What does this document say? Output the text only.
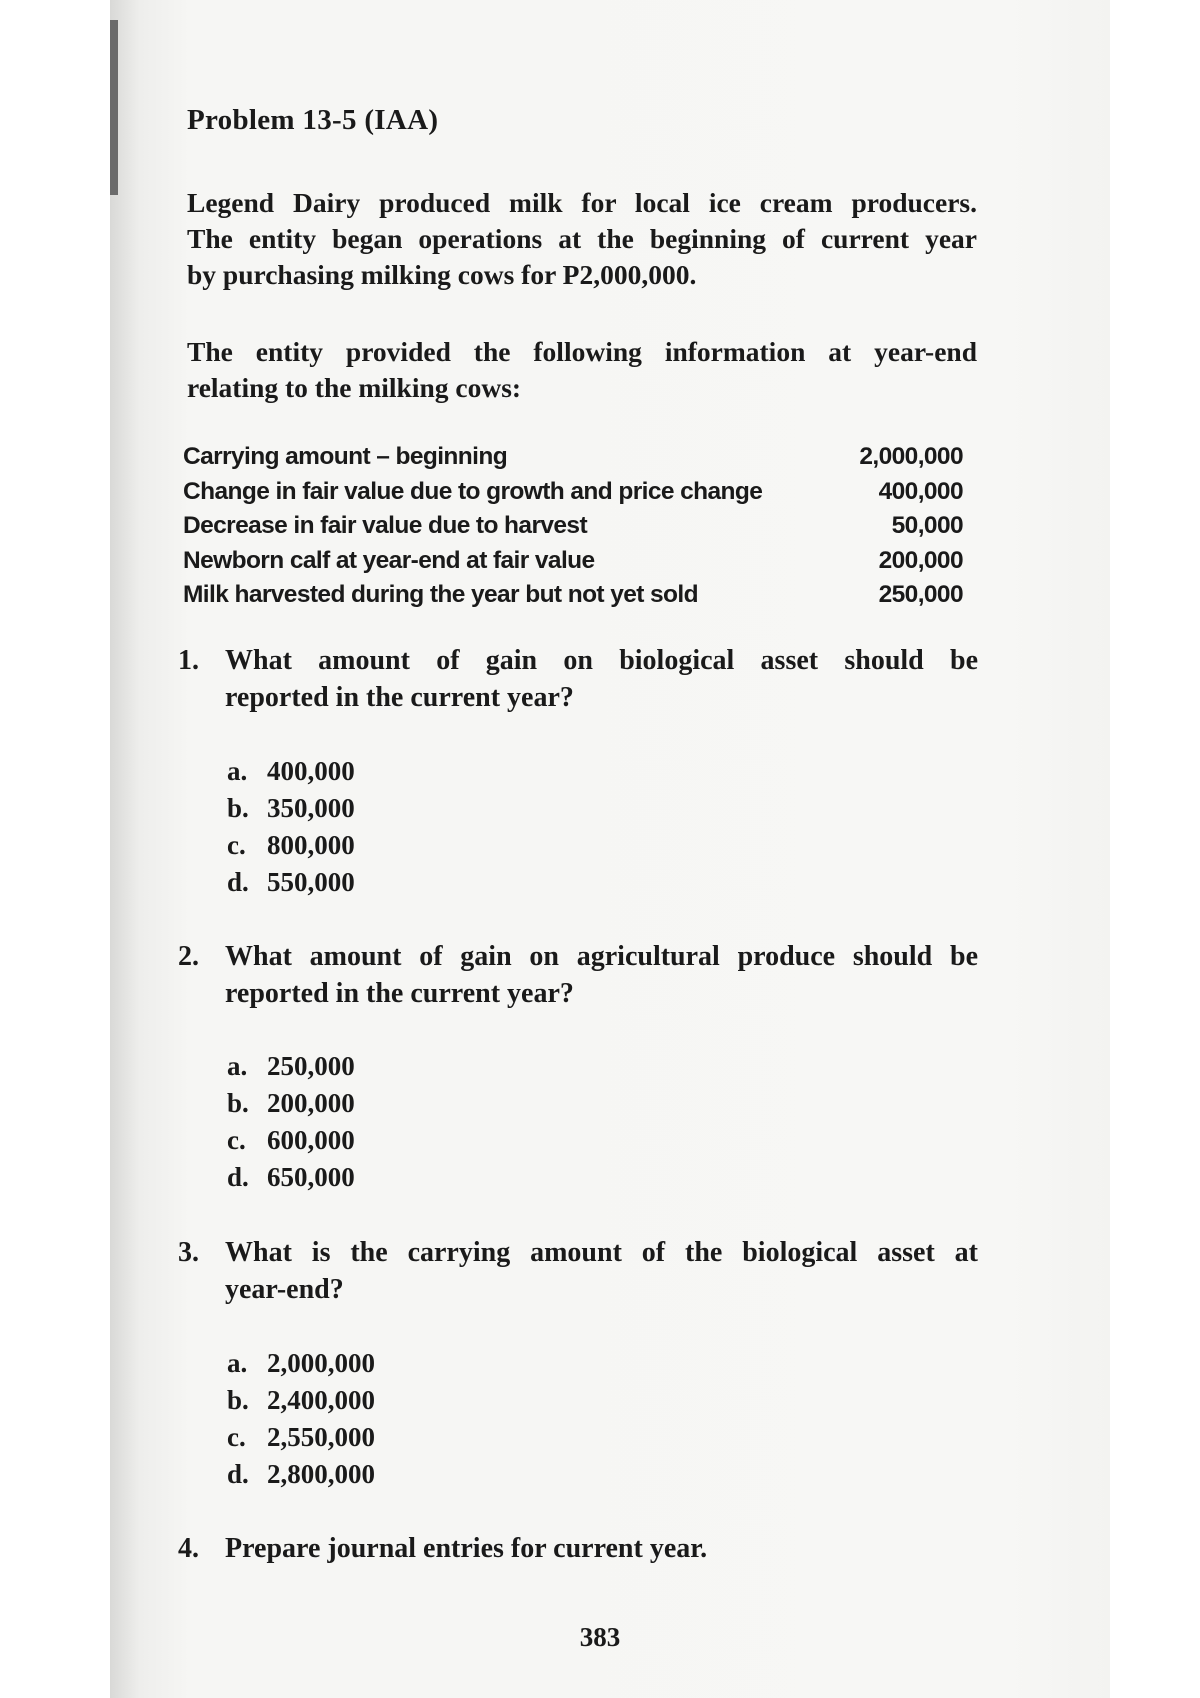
Problem 13-5 (IAA)
Legend Dairy produced milk for local ice cream producers.
The entity began operations at the beginning of current year
by purchasing milking cows for P2,000,000.
The entity provided the following information at year-end
relating to the milking cows:
Carrying amount – beginning	2,000,000
Change in fair value due to growth and price change	400,000
Decrease in fair value due to harvest	50,000
Newborn calf at year-end at fair value	200,000
Milk harvested during the year but not yet sold	250,000
1. What amount of gain on biological asset should be
reported in the current year?
a. 400,000
b. 350,000
c. 800,000
d. 550,000
2. What amount of gain on agricultural produce should be
reported in the current year?
a. 250,000
b. 200,000
c. 600,000
d. 650,000
3. What is the carrying amount of the biological asset at
year-end?
a. 2,000,000
b. 2,400,000
c. 2,550,000
d. 2,800,000
4. Prepare journal entries for current year.
383
